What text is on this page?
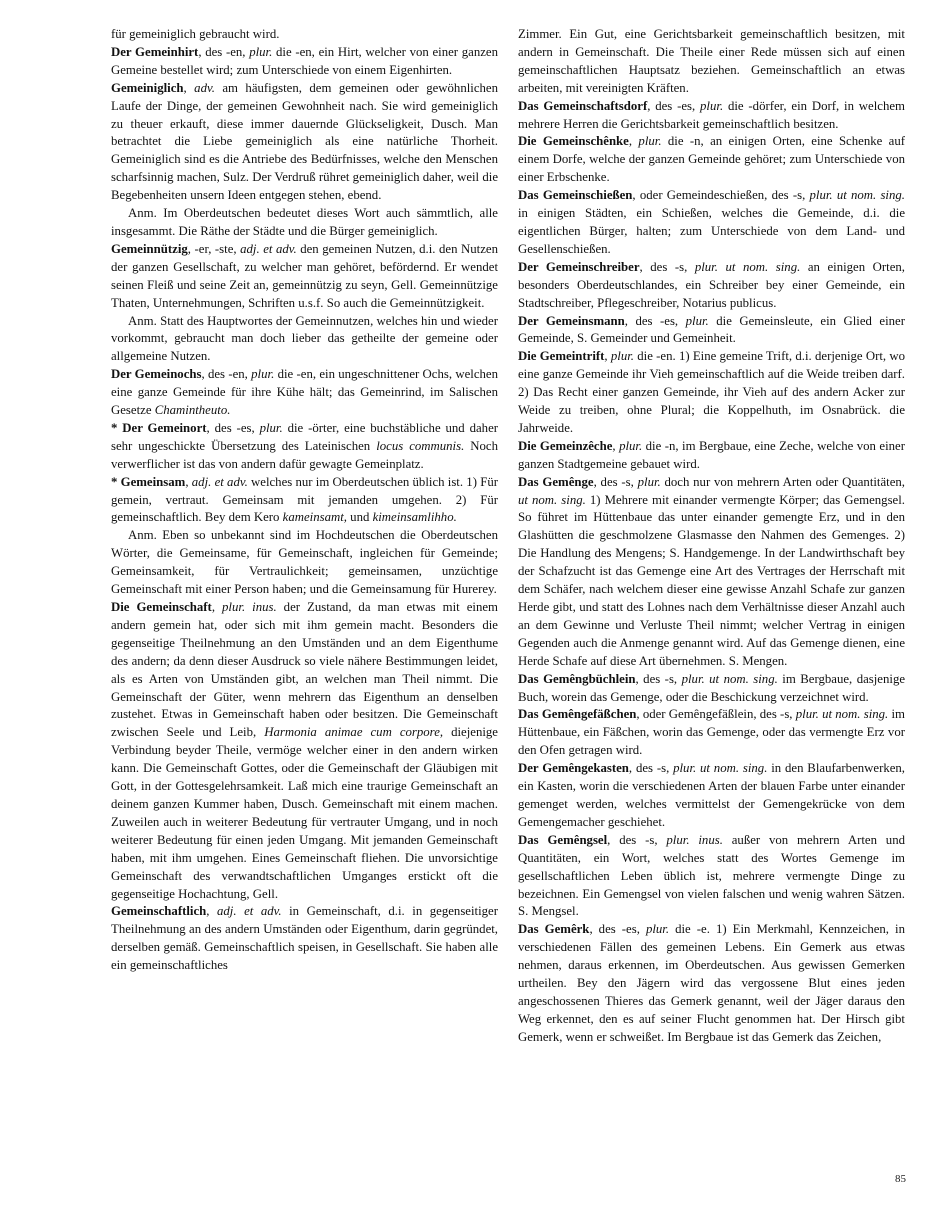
für gemeiniglich gebraucht wird.

Der Gemeinhirt, des -en, plur. die -en, ein Hirt, welcher von einer ganzen Gemeine bestellet wird; zum Unterschiede von einem Eigenhirten.

Gemeiniglich, adv. am häufigsten, dem gemeinen oder gewöhnlichen Laufe der Dinge, der gemeinen Gewohnheit nach. Sie wird gemeiniglich zu theuer erkauft, diese immer dauernde Glückseligkeit, Dusch. Man betrachtet die Liebe gemeiniglich als eine natürliche Thorheit. Gemeiniglich sind es die Antriebe des Bedürfnisses, welche den Menschen scharfsinnig machen, Sulz. Der Verdruß rühret gemeiniglich daher, weil die Begebenheiten unsern Ideen entgegen stehen, ebend.

Anm. Im Oberdeutschen bedeutet dieses Wort auch sämmtlich, alle insgesammt. Die Räthe der Städte und die Bürger gemeiniglich.

Gemeinnützig, -er, -ste, adj. et adv. den gemeinen Nutzen, d.i. den Nutzen der ganzen Gesellschaft, zu welcher man gehöret, befördernd. Er wendet seinen Fleiß und seine Zeit an, gemeinnützig zu seyn, Gell. Gemeinnützige Thaten, Unternehmungen, Schriften u.s.f. So auch die Gemeinnützigkeit.

Anm. Statt des Hauptwortes der Gemeinnutzen, welches hin und wieder vorkommt, gebraucht man doch lieber das getheilte der gemeine oder allgemeine Nutzen.

Der Gemeinochs, des -en, plur. die -en, ein ungeschnittener Ochs, welchen eine ganze Gemeinde für ihre Kühe hält; das Gemeinrind, im Salischen Gesetze Chamintheuto.

* Der Gemeinort, des -es, plur. die -örter, eine buchstäbliche und daher sehr ungeschickte Übersetzung des Lateinischen locus communis. Noch verwerflicher ist das von andern dafür gewagte Gemeinplatz.

* Gemeinsam, adj. et adv. welches nur im Oberdeutschen üblich ist. 1) Für gemein, vertraut. Gemeinsam mit jemanden umgehen. 2) Für gemeinschaftlich. Bey dem Kero kameinsamt, und kimeinsamlihho.

Anm. Eben so unbekannt sind im Hochdeutschen die Oberdeutschen Wörter, die Gemeinsame, für Gemeinschaft, ingleichen für Gemeinde; Gemeinsamkeit, für Vertraulichkeit; gemeinsamen, unzüchtige Gemeinschaft mit einer Person haben; und die Gemeinsamung für Hurerey.

Die Gemeinschaft, plur. inus. der Zustand, da man etwas mit einem andern gemein hat, oder sich mit ihm gemein macht. Besonders die gegenseitige Theilnehmung an den Umständen und an dem Eigenthume des andern; da denn dieser Ausdruck so viele nähere Bestimmungen leidet, als es Arten von Umständen gibt, an welchen man Theil nimmt. Die Gemeinschaft der Güter, wenn mehrern das Eigenthum an denselben zustehet. Etwas in Gemeinschaft haben oder besitzen. Die Gemeinschaft zwischen Seele und Leib, Harmonia animae cum corpore, diejenige Verbindung beyder Theile, vermöge welcher einer in den andern wirken kann. Die Gemeinschaft Gottes, oder die Gemeinschaft der Gläubigen mit Gott, in der Gottesgelehrsamkeit. Laß mich eine traurige Gemeinschaft an deinem ganzen Kummer haben, Dusch. Gemeinschaft mit einem machen. Zuweilen auch in weiterer Bedeutung für vertrauter Umgang, und in noch weiterer Bedeutung für einen jeden Umgang. Mit jemanden Gemeinschaft haben, mit ihm umgehen. Eines Gemeinschaft fliehen. Die unvorsichtige Gemeinschaft des verwandtschaftlichen Umganges erstickt oft die gegenseitige Hochachtung, Gell.

Gemeinschaftlich, adj. et adv. in Gemeinschaft, d.i. in gegenseitiger Theilnehmung an des andern Umständen oder Eigenthum, darin gegründet, derselben gemäß. Gemeinschaftlich speisen, in Gesellschaft. Sie haben alle ein gemeinschaftliches

Zimmer. Ein Gut, eine Gerichtsbarkeit gemeinschaftlich besitzen, mit andern in Gemeinschaft. Die Theile einer Rede müssen sich auf einen gemeinschaftlichen Hauptsatz beziehen. Gemeinschaftlich an etwas arbeiten, mit vereinigten Kräften.

Das Gemeinschaftsdorf, des -es, plur. die -dörfer, ein Dorf, in welchem mehrere Herren die Gerichtsbarkeit gemeinschaftlich besitzen.

Die Gemeinschênke, plur. die -n, an einigen Orten, eine Schenke auf einem Dorfe, welche der ganzen Gemeinde gehöret; zum Unterschiede von einer Erbschenke.

Das Gemeinschießen, oder Gemeindeschießen, des -s, plur. ut nom. sing. in einigen Städten, ein Schießen, welches die Gemeinde, d.i. die eigentlichen Bürger, halten; zum Unterschiede von dem Land- und Gesellenschießen.

Der Gemeinschreiber, des -s, plur. ut nom. sing. an einigen Orten, besonders Oberdeutschlandes, ein Schreiber bey einer Gemeinde, ein Stadtschreiber, Pflegeschreiber, Notarius publicus.

Der Gemeinsmann, des -es, plur. die Gemeinsleute, ein Glied einer Gemeinde, S. Gemeinder und Gemeinheit.

Die Gemeintrift, plur. die -en. 1) Eine gemeine Trift, d.i. derjenige Ort, wo eine ganze Gemeinde ihr Vieh gemeinschaftlich auf die Weide treiben darf. 2) Das Recht einer ganzen Gemeinde, ihr Vieh auf des andern Acker zur Weide zu treiben, ohne Plural; die Koppelhuth, im Osnabrück. die Jahrweide.

Die Gemeinzêche, plur. die -n, im Bergbaue, eine Zeche, welche von einer ganzen Stadtgemeine gebauet wird.

Das Gemênge, des -s, plur. doch nur von mehrern Arten oder Quantitäten, ut nom. sing. 1) Mehrere mit einander vermengte Körper; das Gemengsel. So führet im Hüttenbaue das unter einander gemengte Erz, und in den Glashütten die geschmolzene Glasmasse den Nahmen des Gemenges. 2) Die Handlung des Mengens; S. Handgemenge. In der Landwirthschaft bey der Schafzucht ist das Gemenge eine Art des Vertrages der Herrschaft mit dem Schäfer, nach welchem dieser eine gewisse Anzahl Schafe zur ganzen Herde gibt, und statt des Lohnes nach dem Verhältnisse dieser Anzahl auch an dem Gewinne und Verluste Theil nimmt; welcher Vertrag in einigen Gegenden auch die Anmenge genannt wird. Auf das Gemenge dienen, eine Herde Schafe auf diese Art übernehmen. S. Mengen.

Das Gemêngbüchlein, des -s, plur. ut nom. sing. im Bergbaue, dasjenige Buch, worein das Gemenge, oder die Beschickung verzeichnet wird.

Das Gemêngefäßchen, oder Gemêngefäßlein, des -s, plur. ut nom. sing. im Hüttenbaue, ein Fäßchen, worin das Gemenge, oder das vermengte Erz vor den Ofen getragen wird.

Der Gemêngekasten, des -s, plur. ut nom. sing. in den Blaufarbenwerken, ein Kasten, worin die verschiedenen Arten der blauen Farbe unter einander gemenget werden, welches vermittelst der Gemengekrücke von dem Gemengemacher geschiehet.

Das Gemêngsel, des -s, plur. inus. außer von mehrern Arten und Quantitäten, ein Wort, welches statt des Wortes Gemenge im gesellschaftlichen Leben üblich ist, mehrere vermengte Dinge zu bezeichnen. Ein Gemengsel von vielen falschen und wenig wahren Sätzen. S. Mengsel.

Das Gemêrk, des -es, plur. die -e. 1) Ein Merkmahl, Kennzeichen, in verschiedenen Fällen des gemeinen Lebens. Ein Gemerk aus etwas nehmen, daraus erkennen, im Oberdeutschen. Aus gewissen Gemerken urtheilen. Bey den Jägern wird das vergossene Blut eines jeden angeschossenen Thieres das Gemerk genannt, weil der Jäger daraus den Weg erkennet, den es auf seiner Flucht genommen hat. Der Hirsch gibt Gemerk, wenn er schweißet. Im Bergbaue ist das Gemerk das Zeichen,

85
